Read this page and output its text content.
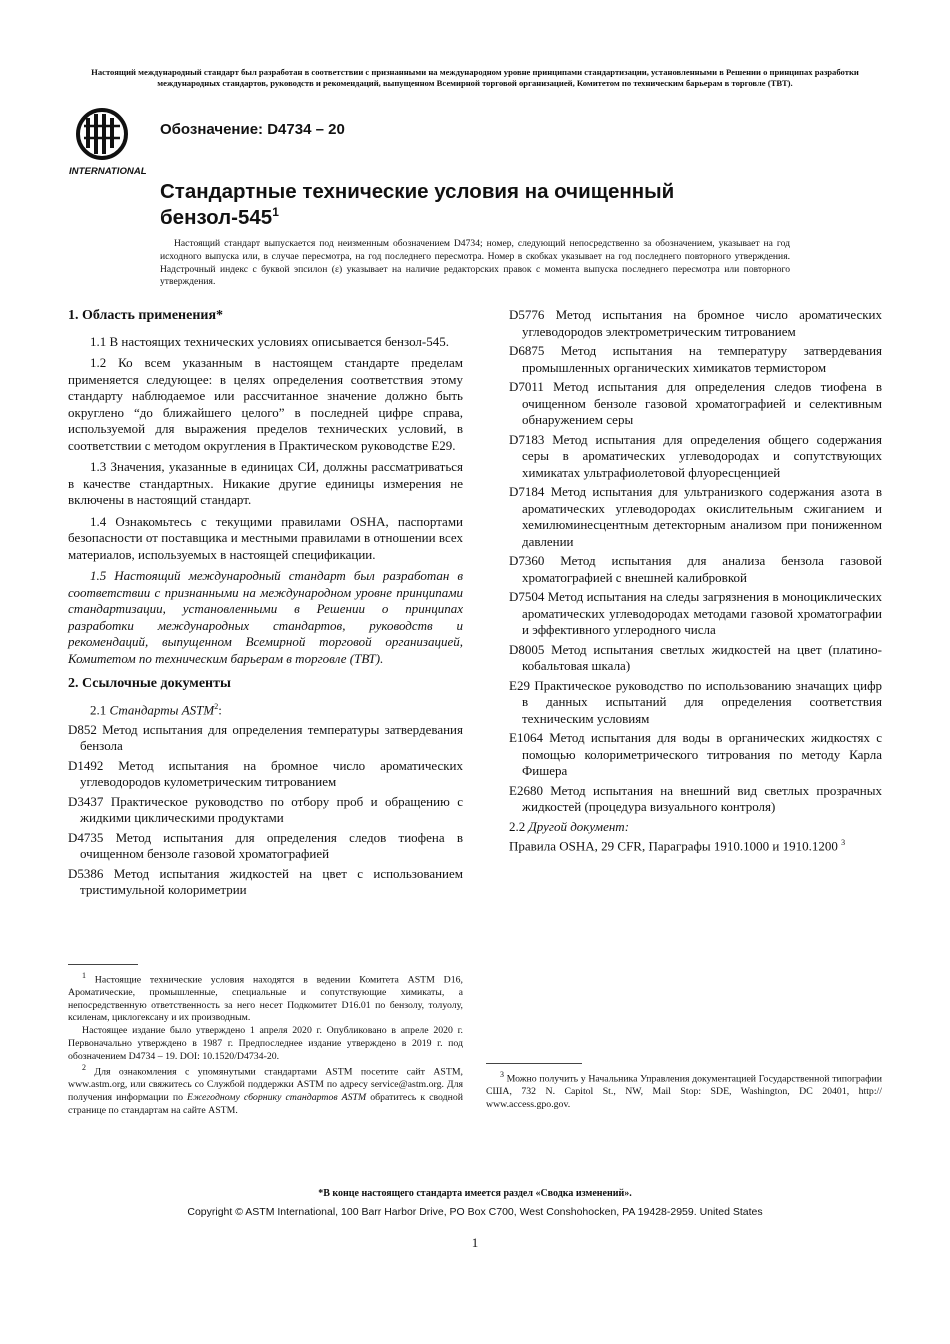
Настоящий международный стандарт был разработан в соответствии с признанными на международном уровне принципами стандартизации, установленными в Решении о принципах разработки международных стандартов, руководств и рекомендаций, выпущенном Всемирной торговой организацией, Комитетом по техническим барьерам в торговле (ТВТ).
INTERNATIONAL
Обозначение: D4734 – 20
Стандартные технические условия на очищенный бензол-$545^1$
Настоящий стандарт выпускается под неизменным обозначением D4734; номер, следующий непосредственно за обозначением, указывает на год исходного выпуска или, в случае пересмотра, на год последнего пересмотра. Номер в скобках указывает на год последнего повторного утверждения. Надстрочный индекс с буквой эпсилон (ε) указывает на наличие редакторских правок с момента выпуска последнего пересмотра или повторного утверждения.
1. Область применения*

1.1 В настоящих технических условиях описывается бензол-545.

1.2 Ко всем указанным в настоящем стандарте пределам применяется следующее: в целях определения соответствия этому стандарту наблюдаемое или рассчитанное значение должно быть округлено “до ближайшего целого” в последней цифре справа, используемой для выражения пределов технических условий, в соответствии с методом округления в Практическом руководстве E29.

1.3 Значения, указанные в единицах СИ, должны рассматриваться в качестве стандартных. Никакие другие единицы измерения не включены в настоящий стандарт.

1.4 Ознакомьтесь с текущими правилами OSHA, паспортами безопасности от поставщика и местными правилами в отношении всех материалов, используемых в настоящей спецификации.

1.5 Настоящий международный стандарт был разработан в соответствии с признанными на международном уровне принципами стандартизации, установленными в Решении о принципах разработки международных стандартов, руководств и рекомендаций, выпущенном Всемирной торговой организацией, Комитетом по техническим барьерам в торговле (ТВТ).

2. Ссылочные документы
2.1 Стандарты ASTM$^2$:
D852 Метод испытания для определения температуры затвердевания бензола
D1492 Метод испытания на бромное число ароматических углеводородов кулометрическим титрованием
D3437 Практическое руководство по отбору проб и обращению с жидкими циклическими продуктами
D4735 Метод испытания для определения следов тиофена в очищенном бензоле газовой хроматографией
D5386 Метод испытания жидкостей на цвет с использованием тристимульной колориметрии
D5776 Метод испытания на бромное число ароматических углеводородов электрометрическим титрованием
D6875 Метод испытания на температуру затвердевания промышленных органических химикатов термистором
D7011 Метод испытания для определения следов тиофена в очищенном бензоле газовой хроматографией и селективным обнаружением серы
D7183 Метод испытания для определения общего содержания серы в ароматических углеводородах и сопутствующих химикатах ультрафиолетовой флуоресценцией
D7184 Метод испытания для ультранизкого содержания азота в ароматических углеводородах окислительным сжиганием и хемилюминесцентным детекторным анализом при пониженном давлении
D7360 Метод испытания для анализа бензола газовой хроматографией с внешней калибровкой
D7504 Метод испытания на следы загрязнения в моноциклических ароматических углеводородах методами газовой хроматографии и эффективного углеродного числа
D8005 Метод испытания светлых жидкостей на цвет (платино-кобальтовая шкала)
E29 Практическое руководство по использованию значащих цифр в данных испытаний для определения соответствия техническим условиям
E1064 Метод испытания для воды в органических жидкостях с помощью колориметрического титрования по методу Карла Фишера
E2680 Метод испытания на внешний вид светлых прозрачных жидкостей (процедура визуального контроля)
2.2 Другой документ:
Правила OSHA, 29 CFR, Параграфы 1910.1000 и 1910.1200 $^3$

$^1$ Настоящие технические условия находятся в ведении Комитета ASTM D16, Ароматические, промышленные, специальные и сопутствующие химикаты, а непосредственную ответственность за него несет Подкомитет D16.01 по бензолу, толуолу, ксиленам, циклогексану и их производным.

Настоящее издание было утверждено 1 апреля 2020 г. Опубликовано в апреле 2020 г. Первоначально утверждено в 1987 г. Предпоследнее издание утверждено в 2019 г. под обозначением D4734 – 19. DOI: 10.1520/D4734-20.

$^2$ Для ознакомления с упомянутыми стандартами ASTM посетите сайт ASTM, www.astm.org, или свяжитесь со Службой поддержки ASTM по адресу service@astm.org. Для получения информации по Ежегодному сборнику стандартов ASTM обратитесь к сводной странице по стандартам на сайте ASTM.

$^3$ Можно получить у Начальника Управления документацией Государственной типографии США, 732 N. Capitol St., NW, Mail Stop: SDE, Washington, DC 20401, http:// www.access.gpo.gov.

*В конце настоящего стандарта имеется раздел «Сводка изменений».
Copyright © ASTM International, 100 Barr Harbor Drive, PO Box C700, West Conshohocken, PA 19428-2959. United States
1
